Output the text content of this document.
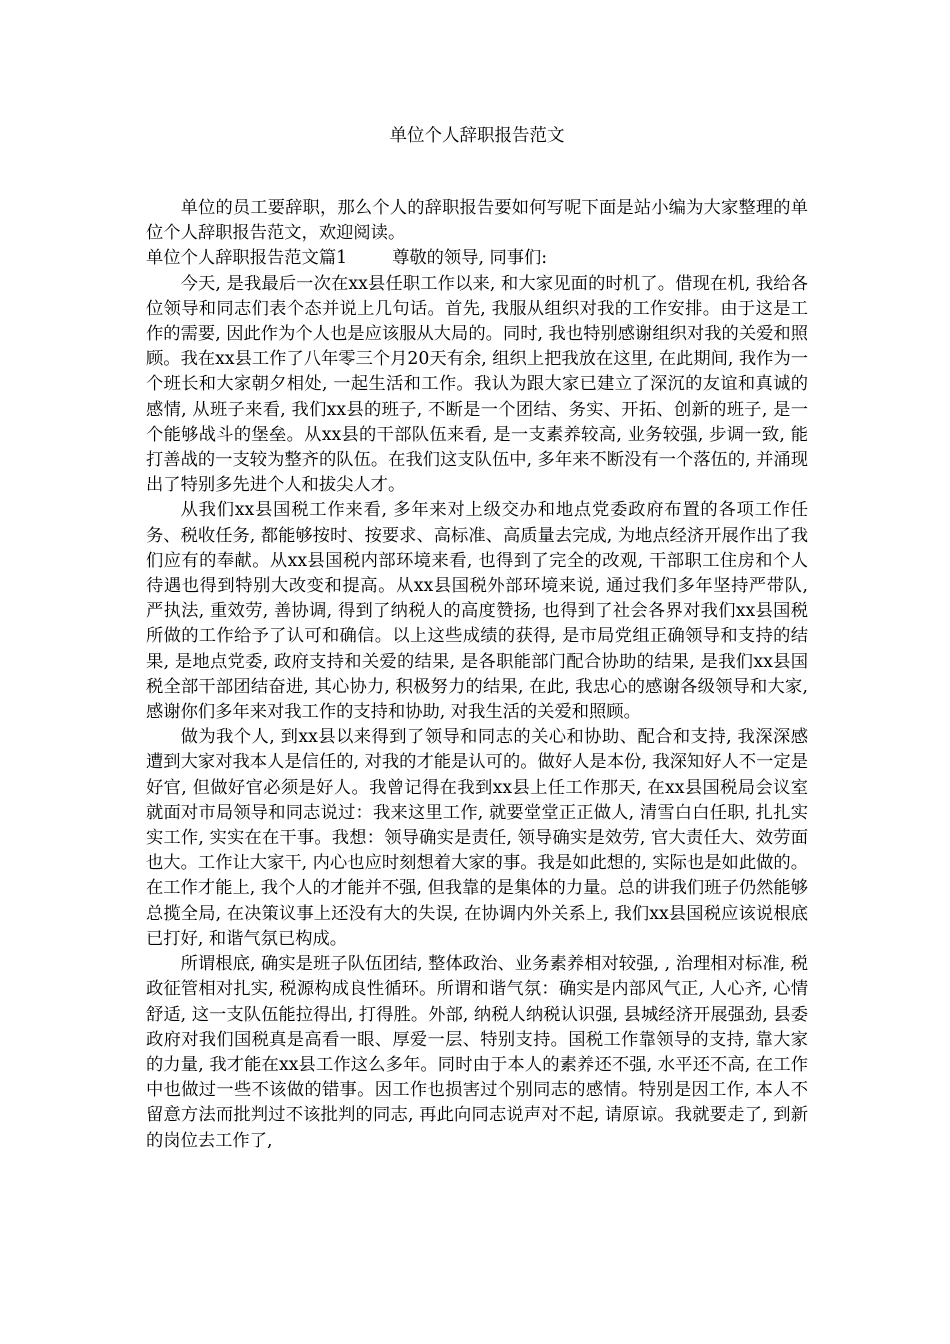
单位个人辞职报告范文

单位的员工要辞职，那么个人的辞职报告要如何写呢下面是站小编为大家整理的单位个人辞职报告范文，欢迎阅读。

单位个人辞职报告范文篇1	尊敬的领导, 同事们:

今天, 是我最后一次在xx县任职工作以来, 和大家见面的时机了。借现在机, 我给各位领导和同志们表个态并说上几句话。首先, 我服从组织对我的工作安排。由于这是工作的需要, 因此作为个人也是应该服从大局的。同时, 我也特别感谢组织对我的关爱和照顾。我在xx县工作了八年零三个月20天有余, 组织上把我放在这里, 在此期间, 我作为一个班长和大家朝夕相处, 一起生活和工作。我认为跟大家已建立了深沉的友谊和真诚的感情, 从班子来看, 我们xx县的班子, 不断是一个团结、务实、开拓、创新的班子, 是一个能够战斗的堡垒。从xx县的干部队伍来看, 是一支素养较高, 业务较强, 步调一致, 能打善战的一支较为整齐的队伍。在我们这支队伍中, 多年来不断没有一个落伍的, 并涌现出了特别多先进个人和拔尖人才。

从我们xx县国税工作来看, 多年来对上级交办和地点党委政府布置的各项工作任务、税收任务, 都能够按时、按要求、高标准、高质量去完成, 为地点经济开展作出了我们应有的奉献。从xx县国税内部环境来看, 也得到了完全的改观, 干部职工住房和个人待遇也得到特别大改变和提高。从xx县国税外部环境来说, 通过我们多年坚持严带队, 严执法, 重效劳, 善协调, 得到了纳税人的高度赞扬, 也得到了社会各界对我们xx县国税所做的工作给予了认可和确信。以上这些成绩的获得, 是市局党组正确领导和支持的结果, 是地点党委, 政府支持和关爱的结果, 是各职能部门配合协助的结果, 是我们xx县国税全部干部团结奋进, 其心协力, 积极努力的结果, 在此, 我忠心的感谢各级领导和大家, 感谢你们多年来对我工作的支持和协助, 对我生活的关爱和照顾。

做为我个人, 到xx县以来得到了领导和同志的关心和协助、配合和支持, 我深深感遭到大家对我本人是信任的, 对我的才能是认可的。做好人是本份, 我深知好人不一定是好官, 但做好官必须是好人。我曾记得在我到xx县上任工作那天, 在xx县国税局会议室就面对市局领导和同志说过：我来这里工作, 就要堂堂正正做人, 清雪白白任职, 扎扎实实工作, 实实在在干事。我想：领导确实是责任, 领导确实是效劳, 官大责任大、效劳面也大。工作让大家干, 内心也应时刻想着大家的事。我是如此想的, 实际也是如此做的。在工作才能上, 我个人的才能并不强, 但我靠的是集体的力量。总的讲我们班子仍然能够总揽全局, 在决策议事上还没有大的失误, 在协调内外关系上, 我们xx县国税应该说根底已打好, 和谐气氛已构成。

所谓根底, 确实是班子队伍团结, 整体政治、业务素养相对较强, , 治理相对标准, 税政征管相对扎实, 税源构成良性循环。所谓和谐气氛：确实是内部风气正, 人心齐, 心情舒适, 这一支队伍能拉得出, 打得胜。外部, 纳税人纳税认识强, 县城经济开展强劲, 县委政府对我们国税真是高看一眼、厚爱一层、特别支持。国税工作靠领导的支持, 靠大家的力量, 我才能在xx县工作这么多年。同时由于本人的素养还不强, 水平还不高, 在工作中也做过一些不该做的错事。因工作也损害过个别同志的感情。特别是因工作, 本人不留意方法而批判过不该批判的同志, 再此向同志说声对不起, 请原谅。我就要走了, 到新的岗位去工作了,
